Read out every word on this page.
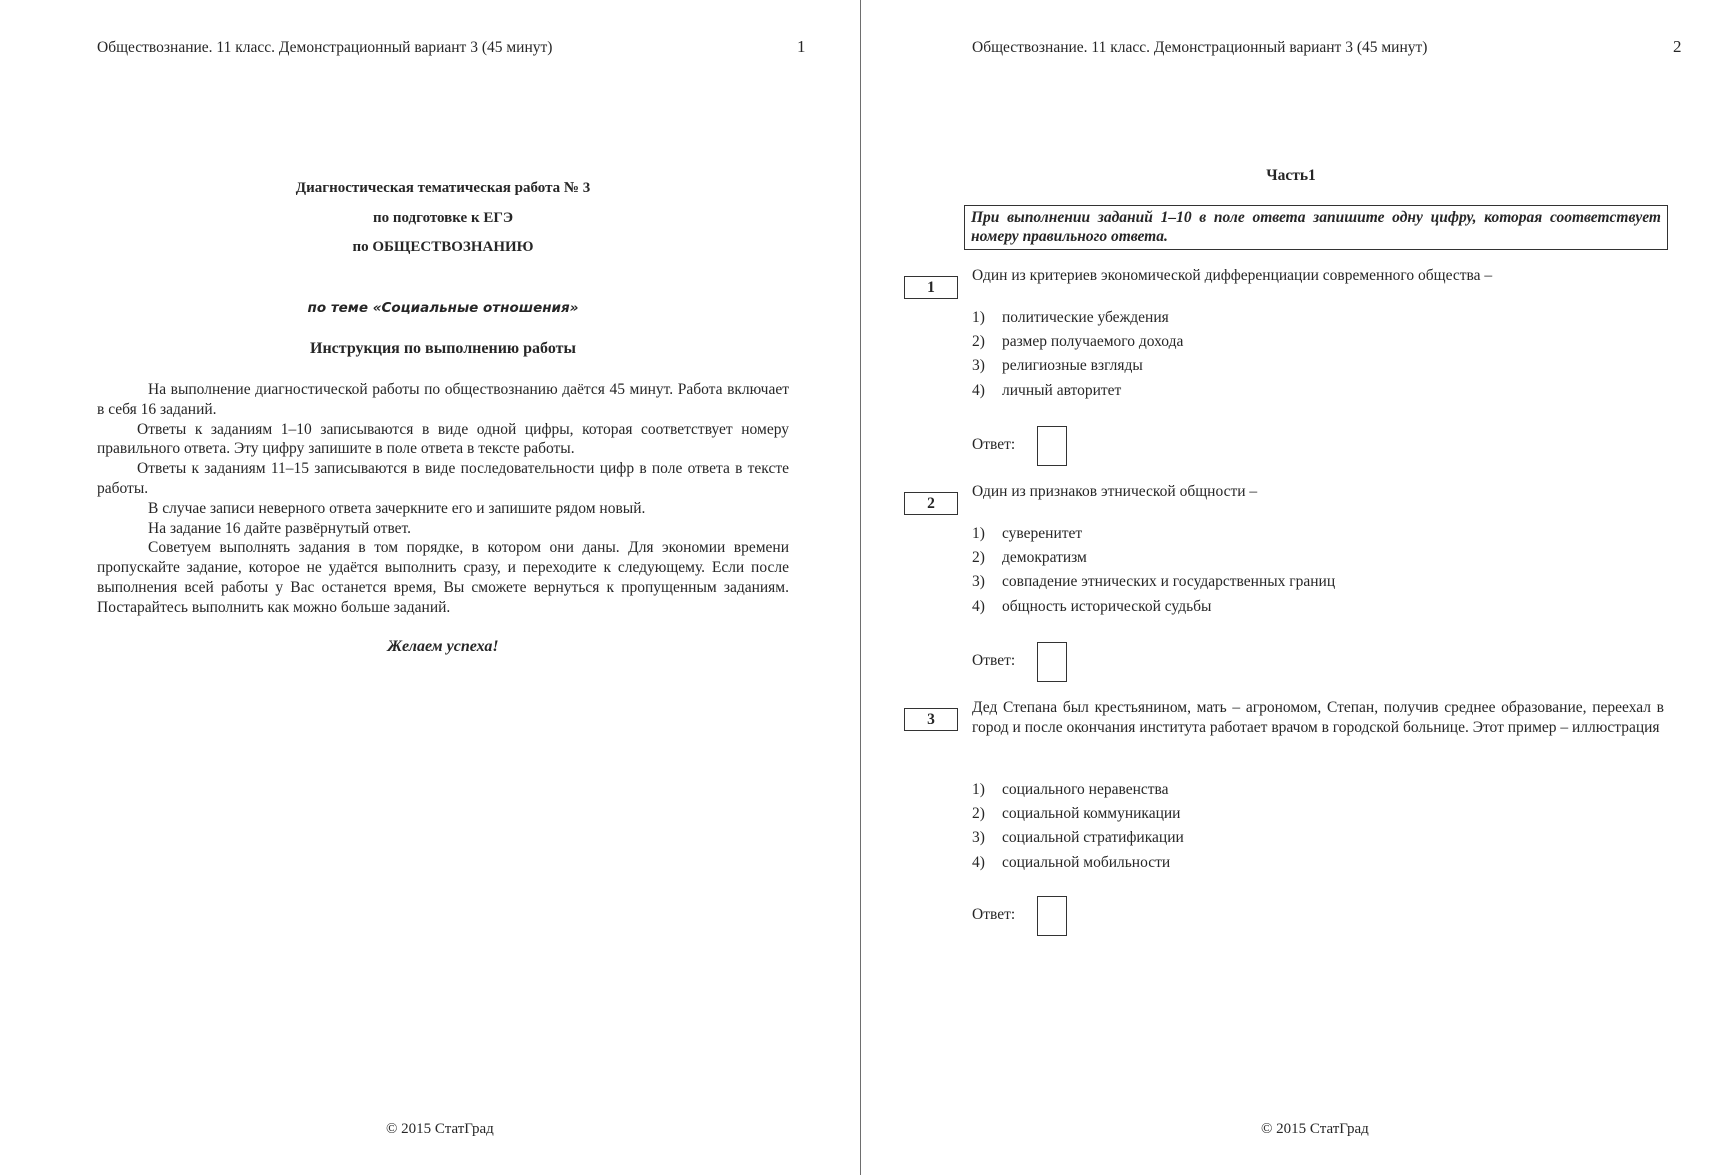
Обществознание. 11 класс. Демонстрационный вариант 3 (45 минут)	1
Диагностическая тематическая работа № 3
по подготовке к ЕГЭ
по ОБЩЕСТВОЗНАНИЮ
по теме «Социальные отношения»
Инструкция по выполнению работы

На выполнение диагностической работы по обществознанию даётся 45 минут. Работа включает в себя 16 заданий.

Ответы к заданиям 1–10 записываются в виде одной цифры, которая соответствует номеру правильного ответа. Эту цифру запишите в поле ответа в тексте работы.

Ответы к заданиям 11–15 записываются в виде последовательности цифр в поле ответа в тексте работы.

В случае записи неверного ответа зачеркните его и запишите рядом новый.

На задание 16 дайте развёрнутый ответ.

Советуем выполнять задания в том порядке, в котором они даны. Для экономии времени пропускайте задание, которое не удаётся выполнить сразу, и переходите к следующему. Если после выполнения всей работы у Вас останется время, Вы сможете вернуться к пропущенным заданиям. Постарайтесь выполнить как можно больше заданий.

Желаем успеха!
© 2015 СтатГрад
Обществознание. 11 класс. Демонстрационный вариант 3 (45 минут)	2
Часть1
При выполнении заданий 1–10 в поле ответа запишите одну цифру, которая соответствует номеру правильного ответа.
1
Один из критериев экономической дифференциации современного общества –
1) политические убеждения
2) размер получаемого дохода
3) религиозные взгляды
4) личный авторитет
Ответ:
2
Один из признаков этнической общности –
1) суверенитет
2) демократизм
3) совпадение этнических и государственных границ
4) общность исторической судьбы
Ответ:
3
Дед Степана был крестьянином, мать – агрономом, Степан, получив среднее образование, переехал в город и после окончания института работает врачом в городской больнице. Этот пример – иллюстрация
1) социального неравенства
2) социальной коммуникации
3) социальной стратификации
4) социальной мобильности
Ответ:
© 2015 СтатГрад
